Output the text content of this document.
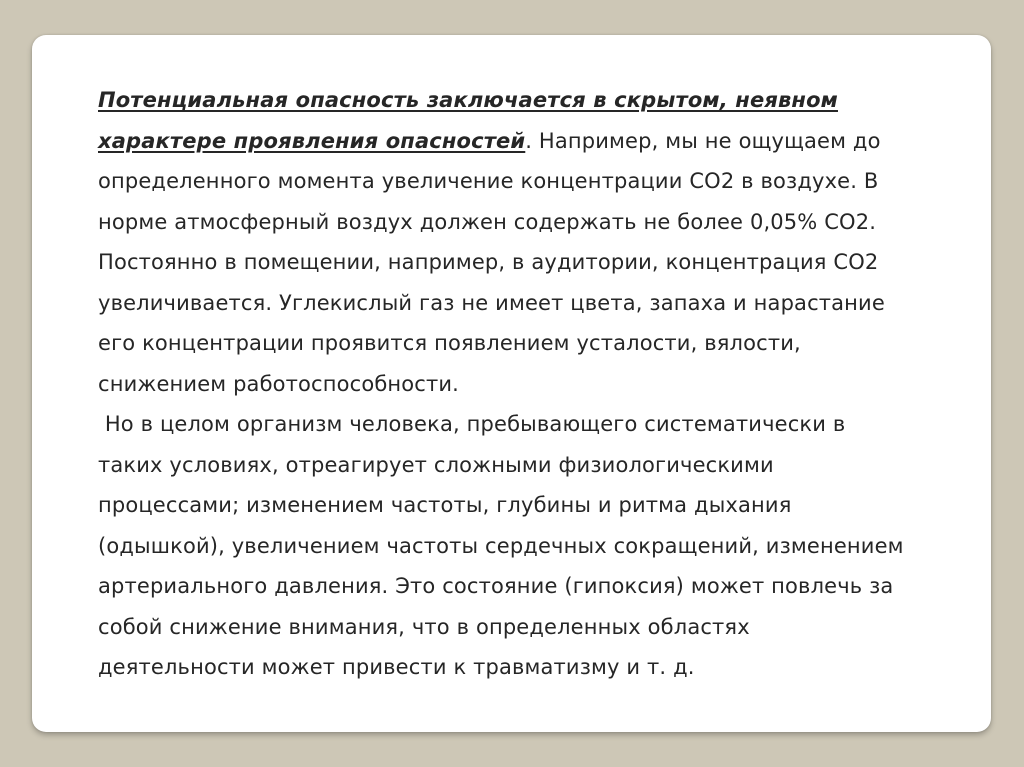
Потенциальная опасность заключается в скрытом, неявном характере проявления опасностей. Например, мы не ощущаем до определенного момента увеличение концентрации СО2 в воздухе. В норме атмосферный воздух должен содержать не более 0,05% СО2. Постоянно в помещении, например, в аудитории, концентрация СО2 увеличивается. Углекислый газ не имеет цвета, запаха и нарастание его концентрации проявится появлением усталости, вялости, снижением работоспособности.

Но в целом организм человека, пребывающего систематически в таких условиях, отреагирует сложными физиологическими процессами; изменением частоты, глубины и ритма дыхания (одышкой), увеличением частоты сердечных сокращений, изменением артериального давления. Это состояние (гипоксия) может повлечь за собой снижение внимания, что в определенных областях деятельности может привести к травматизму и т. д.
